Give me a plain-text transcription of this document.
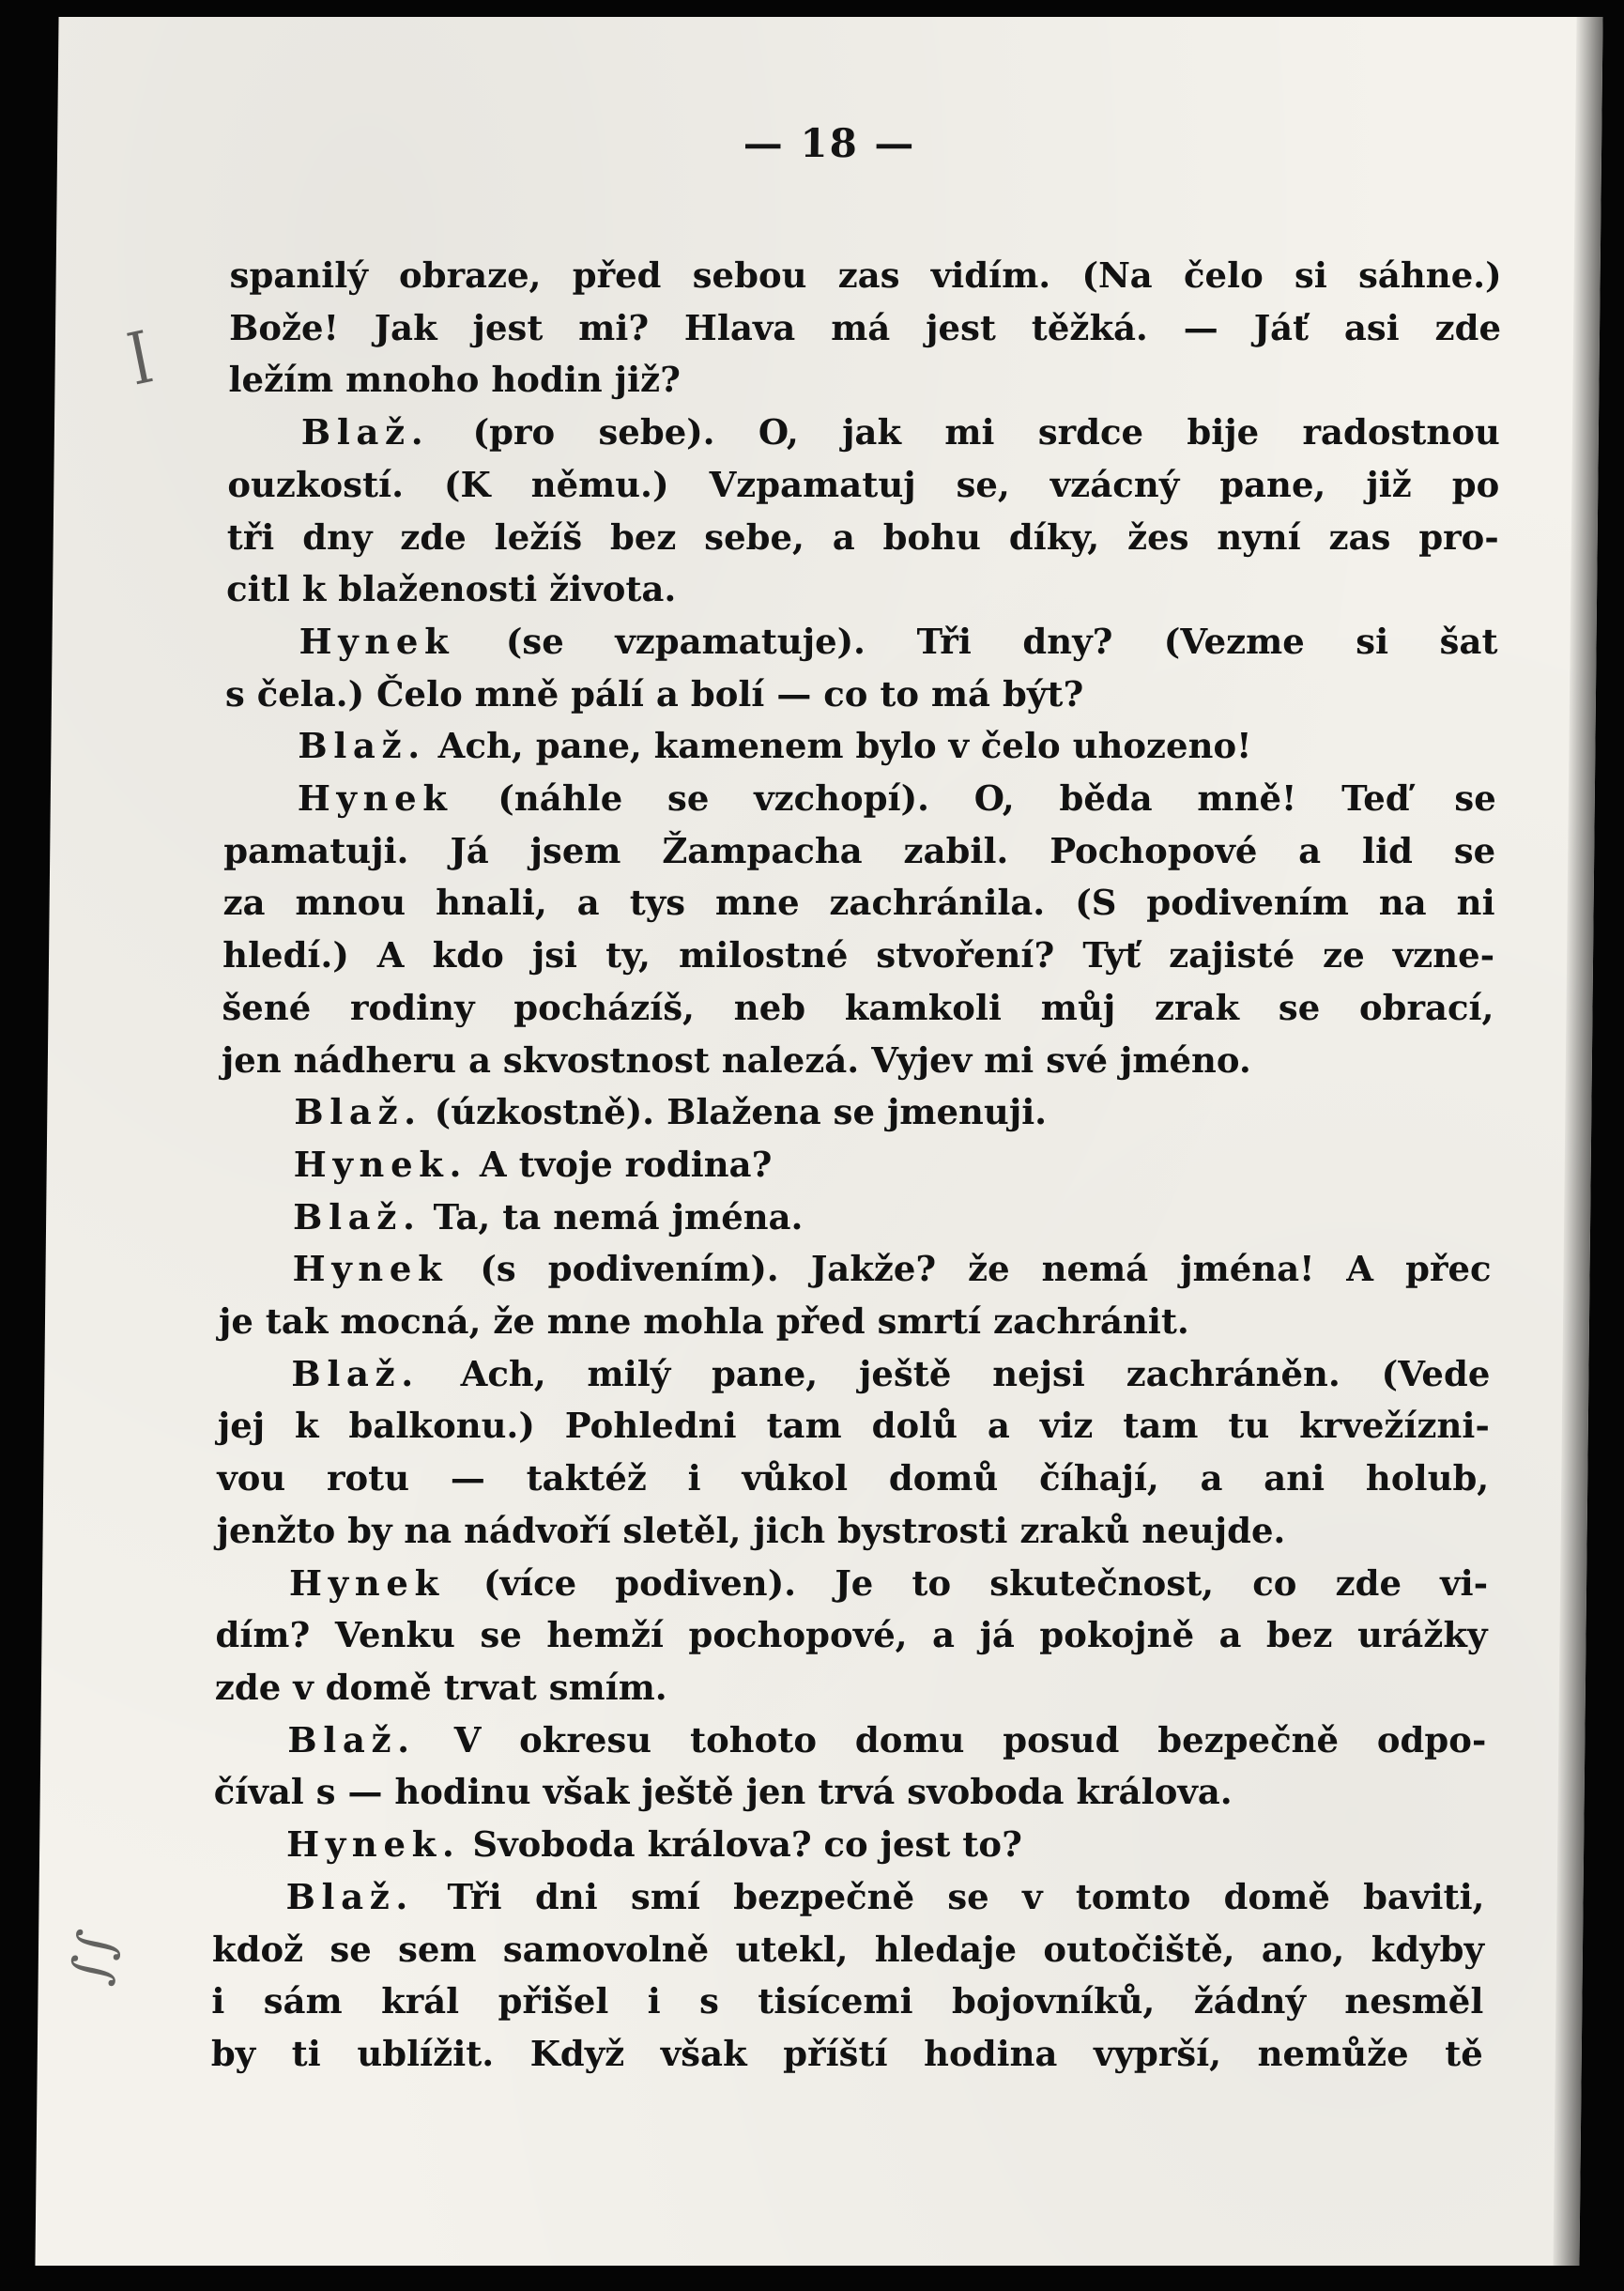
— 18 —
spanilý obraze, před sebou zas vidím. (Na čelo si sáhne.)
Bože! Jak jest mi? Hlava má jest těžká. — Jáť asi zde
ležím mnoho hodin již?
Blaž. (pro sebe). O, jak mi srdce bije radostnou
ouzkostí. (K němu.) Vzpamatuj se, vzácný pane, již po
tři dny zde ležíš bez sebe, a bohu díky, žes nyní zas pro-
citl k blaženosti života.
Hynek (se vzpamatuje). Tři dny? (Vezme si šat
s čela.) Čelo mně pálí a bolí — co to má být?
Blaž. Ach, pane, kamenem bylo v čelo uhozeno!
Hynek (náhle se vzchopí). O, běda mně! Teď se
pamatuji. Já jsem Žampacha zabil. Pochopové a lid se
za mnou hnali, a tys mne zachránila. (S podivením na ni
hledí.) A kdo jsi ty, milostné stvoření? Tyť zajisté ze vzne-
šené rodiny pocházíš, neb kamkoli můj zrak se obrací,
jen nádheru a skvostnost nalezá. Vyjev mi své jméno.
Blaž. (úzkostně). Blažena se jmenuji.
Hynek. A tvoje rodina?
Blaž. Ta, ta nemá jména.
Hynek (s podivením). Jakže? že nemá jména! A přec
je tak mocná, že mne mohla před smrtí zachránit.
Blaž. Ach, milý pane, ještě nejsi zachráněn. (Vede
jej k balkonu.) Pohledni tam dolů a viz tam tu krvežízni-
vou rotu — taktéž i vůkol domů číhají, a ani holub,
jenžto by na nádvoří sletěl, jich bystrosti zraků neujde.
Hynek (více podiven). Je to skutečnost, co zde vi-
dím? Venku se hemží pochopové, a já pokojně a bez urážky
zde v domě trvat smím.
Blaž. V okresu tohoto domu posud bezpečně odpo-
číval s — hodinu však ještě jen trvá svoboda králova.
Hynek. Svoboda králova? co jest to?
Blaž. Tři dni smí bezpečně se v tomto domě baviti,
kdož se sem samovolně utekl, hledaje outočiště, ano, kdyby
i sám král přišel i s tisícemi bojovníků, žádný nesměl
by ti ublížit. Když však příští hodina vyprší, nemůže tě
ꟾ
∫∫
